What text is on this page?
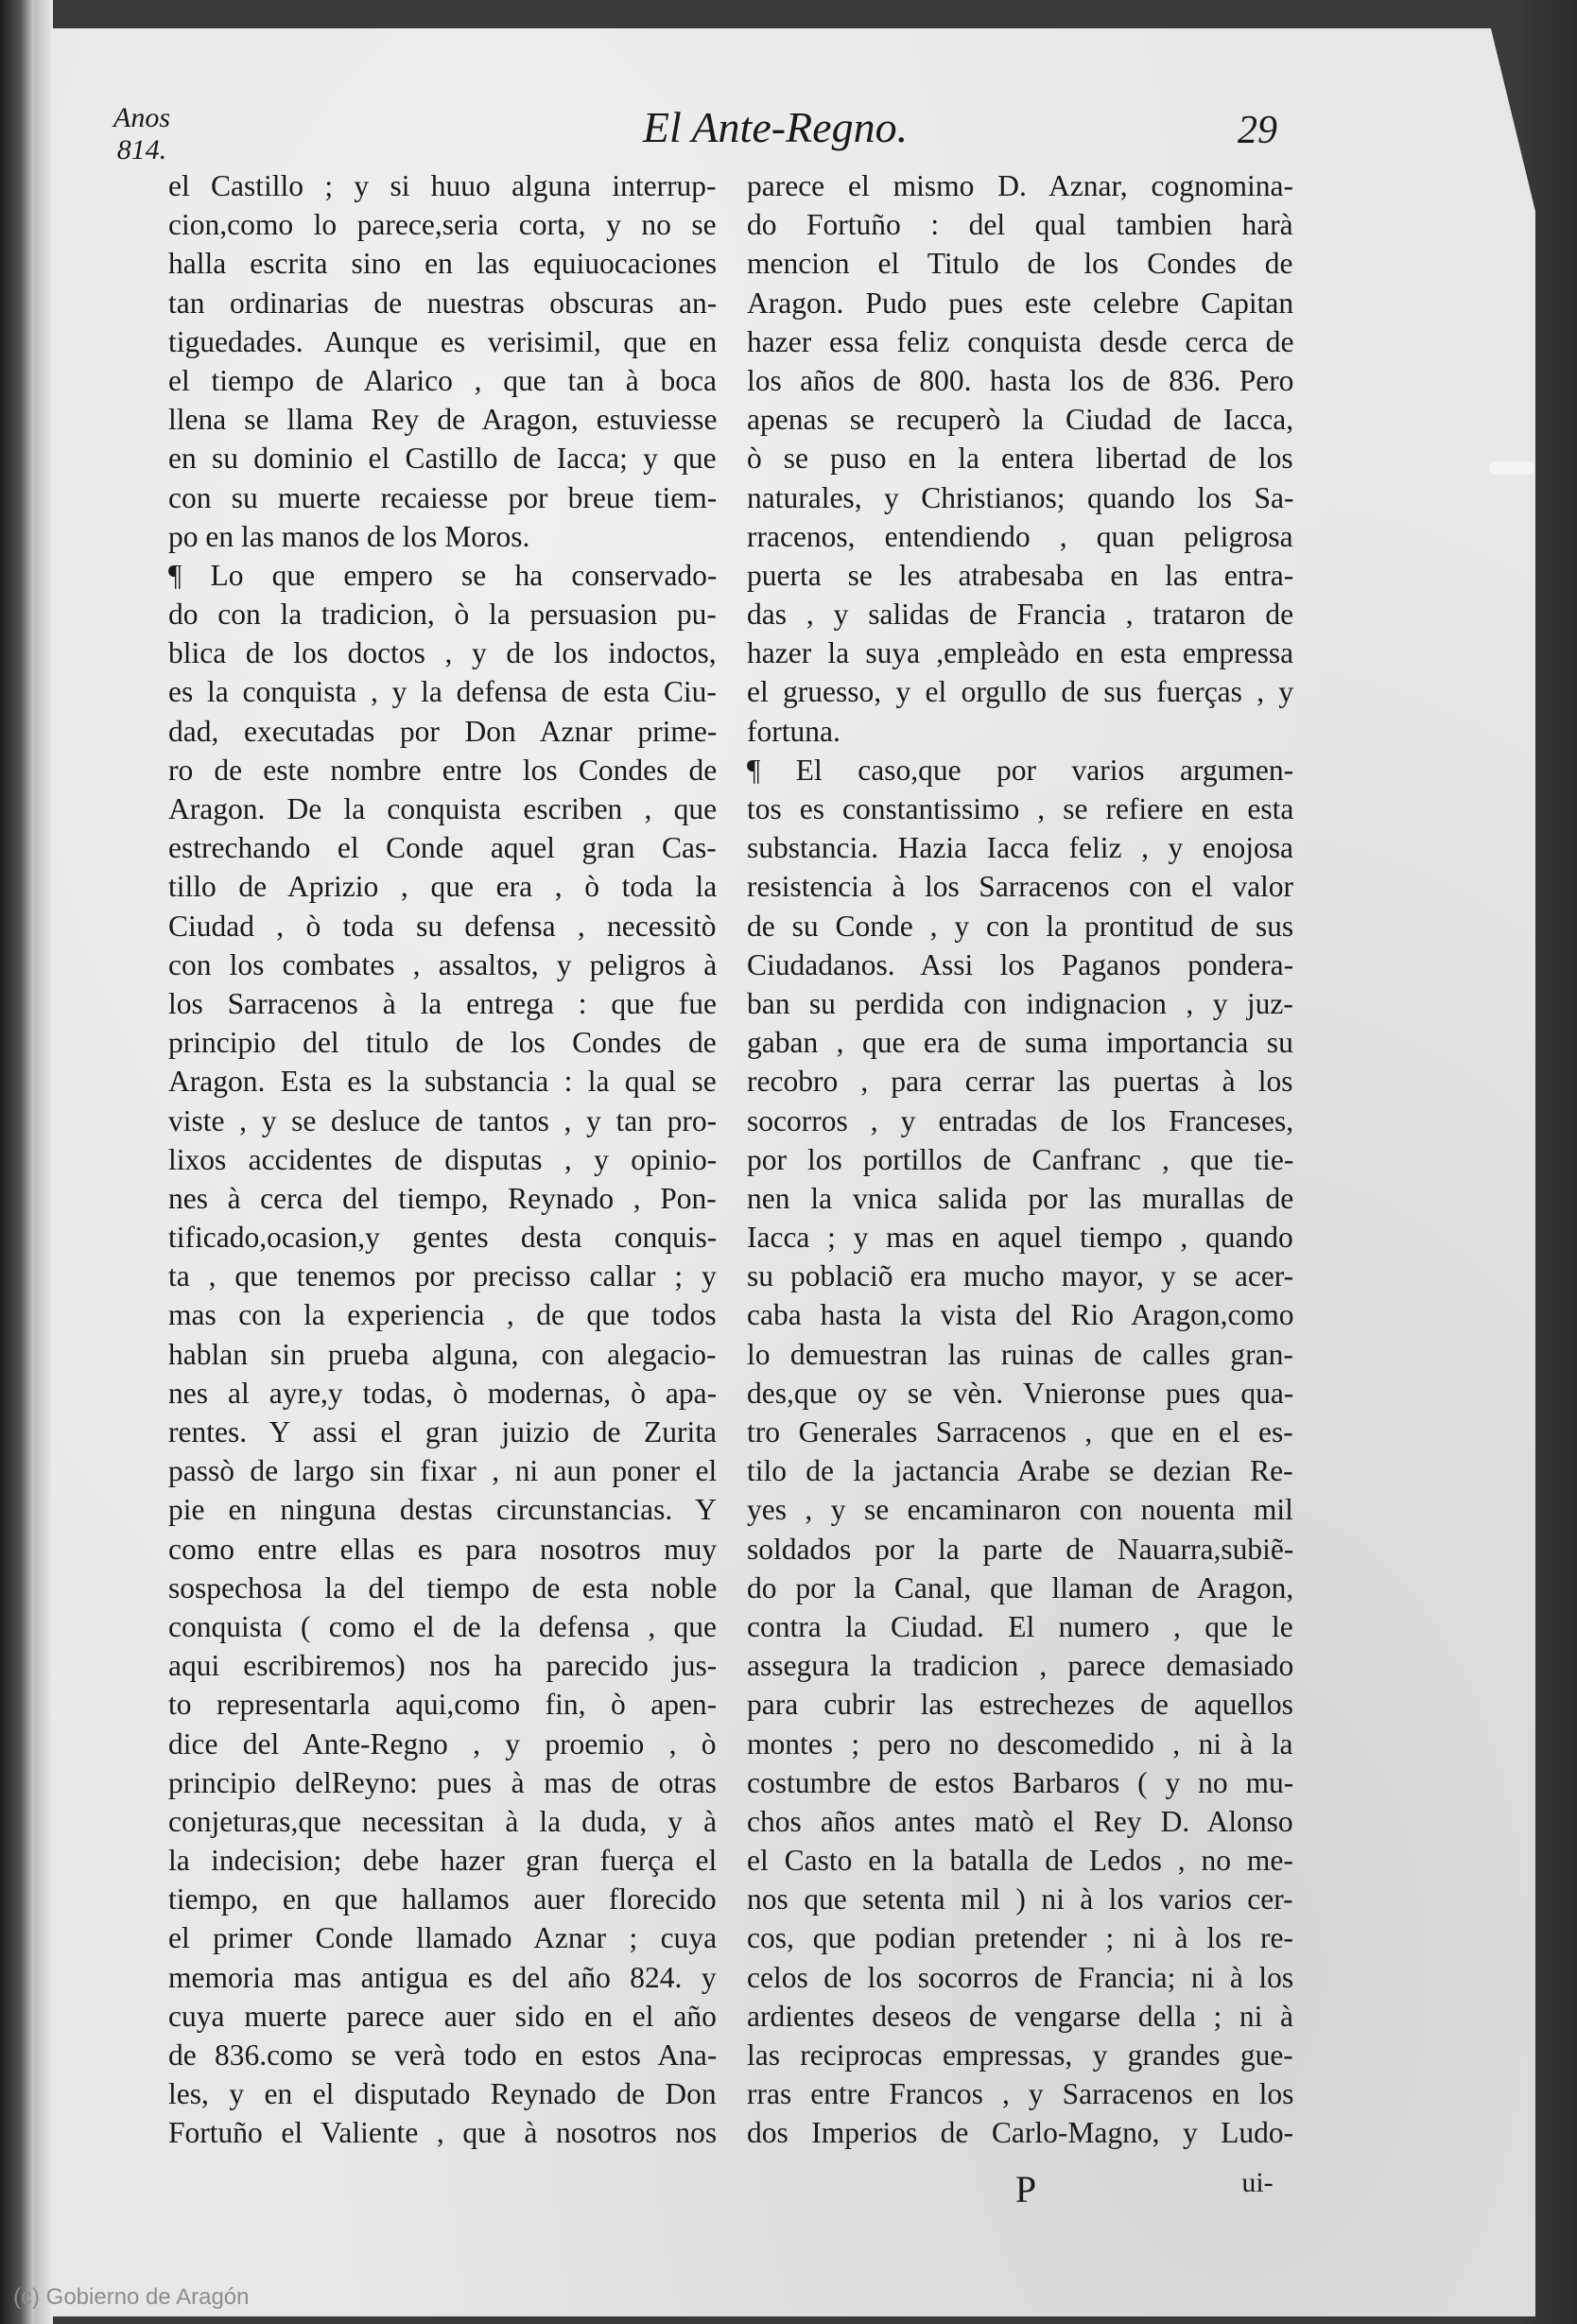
Anos
814.	El Ante-Regno.	29
el Castillo ; y si huuo alguna interrup-
cion,como lo parece,seria corta, y no se
halla escrita sino en las equiuocaciones
tan ordinarias de nuestras obscuras an-
tiguedades. Aunque es verisimil, que en
el tiempo de Alarico , que tan à boca
llena se llama Rey de Aragon, estuviesse
en su dominio el Castillo de Iacca; y que
con su muerte recaiesse por breue tiem-
po en las manos de los Moros.
¶ Lo que empero se ha conservado-
do con la tradicion, ò la persuasion pu-
blica de los doctos , y de los indoctos,
es la conquista , y la defensa de esta Ciu-
dad, executadas por Don Aznar prime-
ro de este nombre entre los Condes de
Aragon. De la conquista escriben , que
estrechando el Conde aquel gran Cas-
tillo de Aprizio , que era , ò toda la
Ciudad , ò toda su defensa , necessitò
con los combates , assaltos, y peligros à
los Sarracenos à la entrega : que fue
principio del titulo de los Condes de
Aragon. Esta es la substancia : la qual se
viste , y se desluce de tantos , y tan pro-
lixos accidentes de disputas , y opinio-
nes à cerca del tiempo, Reynado , Pon-
tificado,ocasion,y gentes desta conquis-
ta , que tenemos por precisso callar ; y
mas con la experiencia , de que todos
hablan sin prueba alguna, con alegacio-
nes al ayre,y todas, ò modernas, ò apa-
rentes. Y assi el gran juizio de Zurita
passò de largo sin fixar , ni aun poner el
pie en ninguna destas circunstancias. Y
como entre ellas es para nosotros muy
sospechosa la del tiempo de esta noble
conquista ( como el de la defensa , que
aqui escribiremos) nos ha parecido jus-
to representarla aqui,como fin, ò apen-
dice del Ante-Regno , y proemio , ò
principio delReyno: pues à mas de otras
conjeturas,que necessitan à la duda, y à
la indecision; debe hazer gran fuerça el
tiempo, en que hallamos auer florecido
el primer Conde llamado Aznar ; cuya
memoria mas antigua es del año 824. y
cuya muerte parece auer sido en el año
de 836.como se verà todo en estos Ana-
les, y en el disputado Reynado de Don
Fortuño el Valiente , que à nosotros nos
parece el mismo D. Aznar, cognomina-
do Fortuño : del qual tambien harà
mencion el Titulo de los Condes de
Aragon. Pudo pues este celebre Capitan
hazer essa feliz conquista desde cerca de
los años de 800. hasta los de 836. Pero
apenas se recuperò la Ciudad de Iacca,
ò se puso en la entera libertad de los
naturales, y Christianos; quando los Sa-
rracenos, entendiendo , quan peligrosa
puerta se les atrabesaba en las entra-
das , y salidas de Francia , trataron de
hazer la suya ,empleàdo en esta empressa
el gruesso, y el orgullo de sus fuerças , y
fortuna.
¶ El caso,que por varios argumen-
tos es constantissimo , se refiere en esta
substancia. Hazia Iacca feliz , y enojosa
resistencia à los Sarracenos con el valor
de su Conde , y con la prontitud de sus
Ciudadanos. Assi los Paganos pondera-
ban su perdida con indignacion , y juz-
gaban , que era de suma importancia su
recobro , para cerrar las puertas à los
socorros , y entradas de los Franceses,
por los portillos de Canfranc , que tie-
nen la vnica salida por las murallas de
Iacca ; y mas en aquel tiempo , quando
su poblaciõ era mucho mayor, y se acer-
caba hasta la vista del Rio Aragon,como
lo demuestran las ruinas de calles gran-
des,que oy se vèn. Vnieronse pues qua-
tro Generales Sarracenos , que en el es-
tilo de la jactancia Arabe se dezian Re-
yes , y se encaminaron con nouenta mil
soldados por la parte de Nauarra,subiẽ-
do por la Canal, que llaman de Aragon,
contra la Ciudad. El numero , que le
assegura la tradicion , parece demasiado
para cubrir las estrechezes de aquellos
montes ; pero no descomedido , ni à la
costumbre de estos Barbaros ( y no mu-
chos años antes matò el Rey D. Alonso
el Casto en la batalla de Ledos , no me-
nos que setenta mil ) ni à los varios cer-
cos, que podian pretender ; ni à los re-
celos de los socorros de Francia; ni à los
ardientes deseos de vengarse della ; ni à
las reciprocas empressas, y grandes gue-
rras entre Francos , y Sarracenos en los
dos Imperios de Carlo-Magno, y Ludo-
P	ui-
(c) Gobierno de Aragón
